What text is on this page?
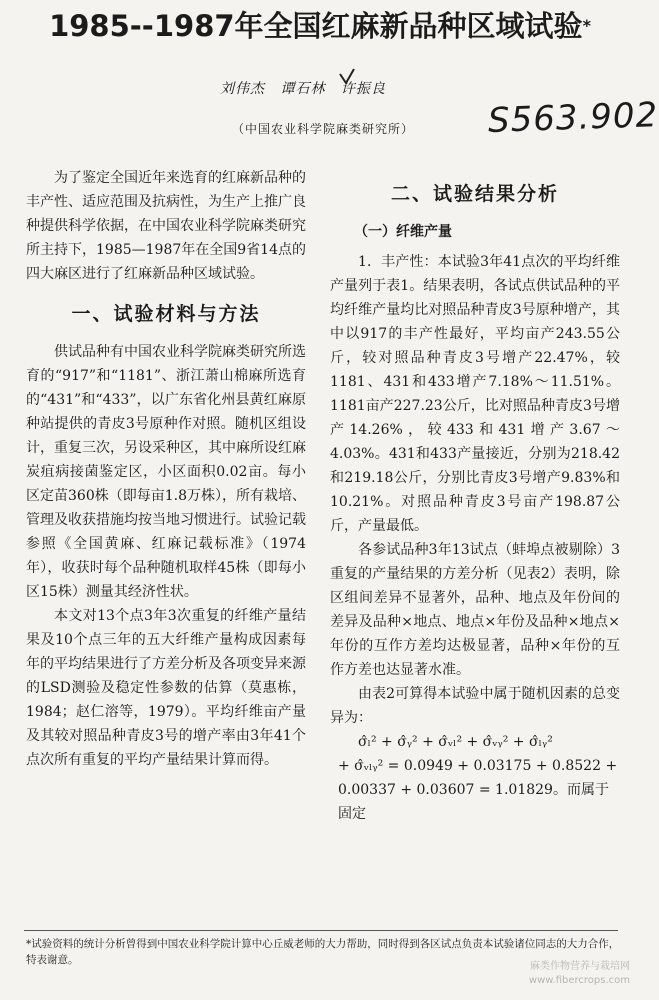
1985--1987年全国红麻新品种区域试验*
刘伟杰 谭石林 许振良
S563.902
（中国农业科学院麻类研究所）

为了鉴定全国近年来选育的红麻新品种的丰产性、适应范围及抗病性，为生产上推广良种提供科学依据，在中国农业科学院麻类研究所主持下，1985—1987年在全国9省14点的四大麻区进行了红麻新品种区域试验。

一、试验材料与方法

供试品种有中国农业科学院麻类研究所选育的“917”和“1181”、浙江萧山棉麻所选育的“431”和“433”，以广东省化州县黄红麻原种站提供的青皮3号原种作对照。随机区组设计，重复三次，另设采种区，其中麻所设红麻炭疽病接菌鉴定区，小区面积0.02亩。每小区定苗360株（即每亩1.8万株），所有栽培、管理及收获措施均按当地习惯进行。试验记载参照《全国黄麻、红麻记载标准》（1974年），收获时每个品种随机取样45株（即每小区15株）测量其经济性状。

本文对13个点3年3次重复的纤维产量结果及10个点三年的五大纤维产量构成因素每年的平均结果进行了方差分析及各项变异来源的LSD测验及稳定性参数的估算（莫惠栋，1984；赵仁溶等，1979）。平均纤维亩产量及其较对照品种青皮3号的增产率由3年41个点次所有重复的平均产量结果计算而得。

二、试验结果分析
（一）纤维产量

1．丰产性：本试验3年41点次的平均纤维产量列于表1。结果表明，各试点供试品种的平均纤维产量均比对照品种青皮3号原种增产，其中以917的丰产性最好，平均亩产243.55公斤，较对照品种青皮3号增产22.47%，较1181、431和433增产7.18%～11.51%。1181亩产227.23公斤，比对照品种青皮3号增产14.26%，较433和431增产3.67～4.03%。431和433产量接近，分别为218.42和219.18公斤，分别比青皮3号增产9.83%和10.21%。对照品种青皮3号亩产198.87公斤，产量最低。

各参试品种3年13试点（蚌埠点被剔除）3重复的产量结果的方差分析（见表2）表明，除区组间差异不显著外，品种、地点及年份间的差异及品种×地点、地点×年份及品种×地点×年份的互作方差均达极显著，品种×年份的互作方差也达显著水准。

由表2可算得本试验中属于随机因素的总变异为：

σ̂ₗ² + σ̂ᵧ² + σ̂ᵥₗ² + σ̂ᵥᵧ² + σ̂ₗᵧ²
+ σ̂ᵥₗᵧ² = 0.0949 + 0.03175 + 0.8522 +
0.00337 + 0.03607 = 1.01829。而属于固定
*试验资料的统计分析曾得到中国农业科学院计算中心丘威老师的大力帮助，同时得到各区试点负责本试验诸位同志的大力合作，特表谢意。
麻类作物营养与栽培网
www.fibercrops.com
